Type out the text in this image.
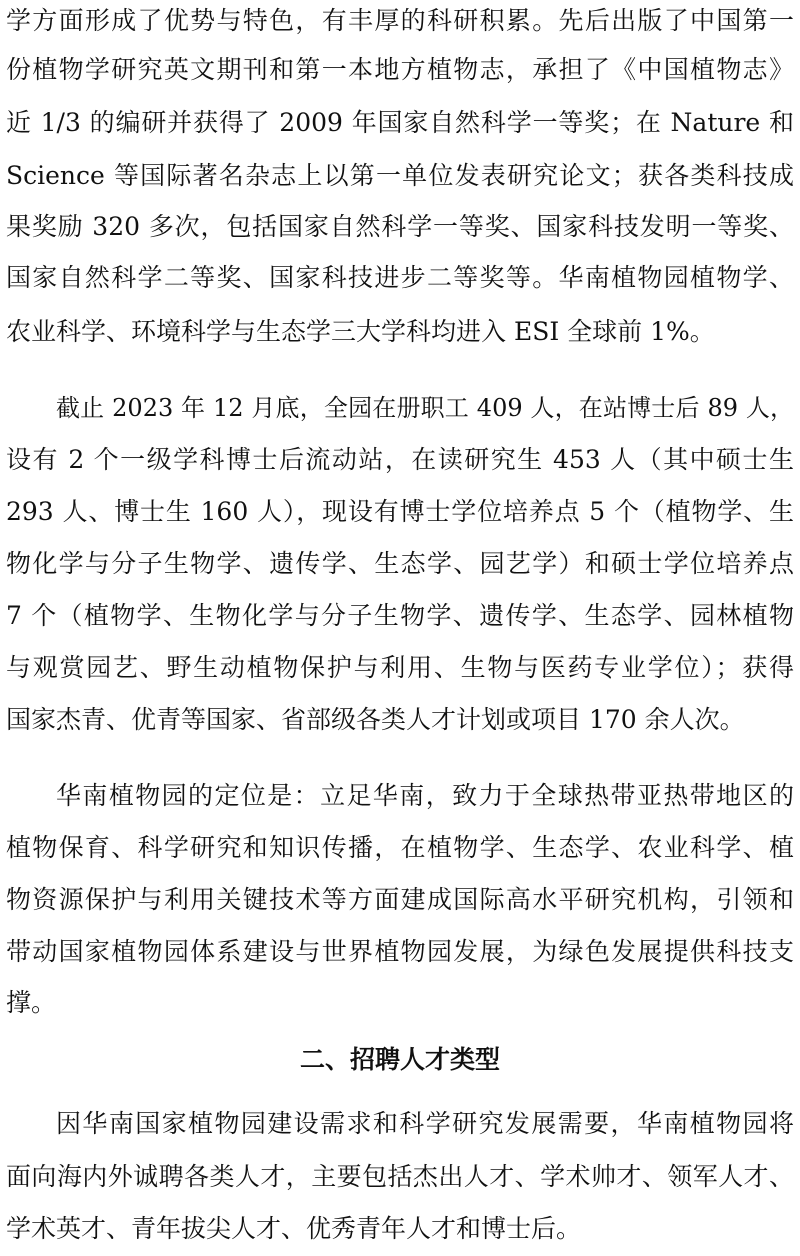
学方面形成了优势与特色，有丰厚的科研积累。先后出版了中国第一
份植物学研究英文期刊和第一本地方植物志，承担了《中国植物志》
近 1/3 的编研并获得了 2009 年国家自然科学一等奖；在 Nature 和
Science 等国际著名杂志上以第一单位发表研究论文；获各类科技成
果奖励 320 多次，包括国家自然科学一等奖、国家科技发明一等奖、
国家自然科学二等奖、国家科技进步二等奖等。华南植物园植物学、
农业科学、环境科学与生态学三大学科均进入 ESI 全球前 1%。
截止 2023 年 12 月底，全园在册职工 409 人，在站博士后 89 人，
设有 2 个一级学科博士后流动站，在读研究生 453 人（其中硕士生
293 人、博士生 160 人），现设有博士学位培养点 5 个（植物学、生
物化学与分子生物学、遗传学、生态学、园艺学）和硕士学位培养点
7 个（植物学、生物化学与分子生物学、遗传学、生态学、园林植物
与观赏园艺、野生动植物保护与利用、生物与医药专业学位）；获得
国家杰青、优青等国家、省部级各类人才计划或项目 170 余人次。
华南植物园的定位是：立足华南，致力于全球热带亚热带地区的
植物保育、科学研究和知识传播，在植物学、生态学、农业科学、植
物资源保护与利用关键技术等方面建成国际高水平研究机构，引领和
带动国家植物园体系建设与世界植物园发展，为绿色发展提供科技支
撑。
二、招聘人才类型
因华南国家植物园建设需求和科学研究发展需要，华南植物园将
面向海内外诚聘各类人才，主要包括杰出人才、学术帅才、领军人才、
学术英才、青年拔尖人才、优秀青年人才和博士后。
